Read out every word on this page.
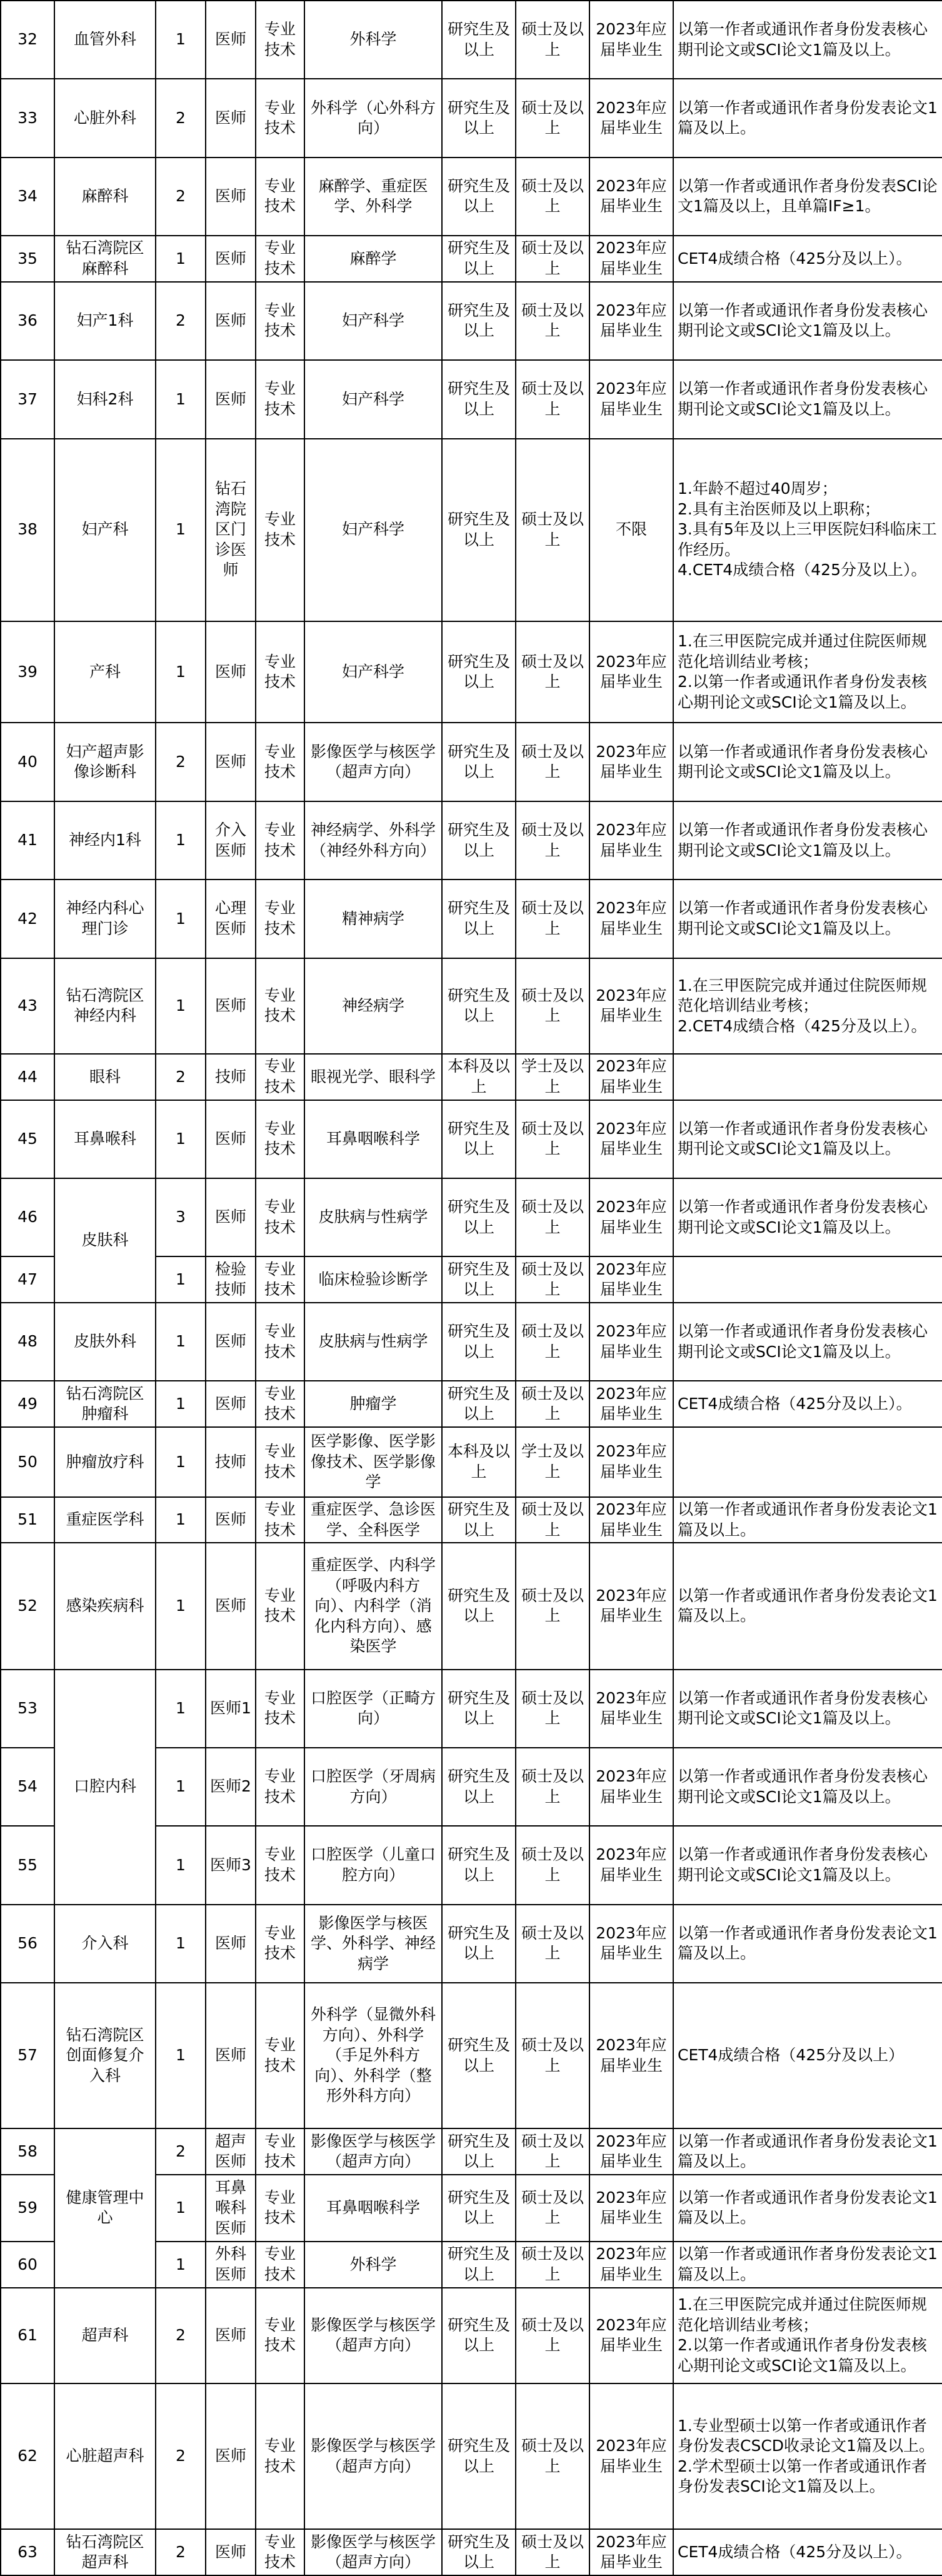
32	血管外科	1	医师	专业技术	外科学	研究生及以上	硕士及以上	2023年应届毕业生	以第一作者或通讯作者身份发表核心期刊论文或SCI论文1篇及以上。
33	心脏外科	2	医师	专业技术	外科学（心外科方向）	研究生及以上	硕士及以上	2023年应届毕业生	以第一作者或通讯作者身份发表论文1篇及以上。
34	麻醉科	2	医师	专业技术	麻醉学、重症医学、外科学	研究生及以上	硕士及以上	2023年应届毕业生	以第一作者或通讯作者身份发表SCI论文1篇及以上，且单篇IF≥1。
35	钻石湾院区麻醉科	1	医师	专业技术	麻醉学	研究生及以上	硕士及以上	2023年应届毕业生	CET4成绩合格（425分及以上）。
36	妇产1科	2	医师	专业技术	妇产科学	研究生及以上	硕士及以上	2023年应届毕业生	以第一作者或通讯作者身份发表核心期刊论文或SCI论文1篇及以上。
37	妇科2科	1	医师	专业技术	妇产科学	研究生及以上	硕士及以上	2023年应届毕业生	以第一作者或通讯作者身份发表核心期刊论文或SCI论文1篇及以上。
38	妇产科	1	钻石湾院区门诊医师	专业技术	妇产科学	研究生及以上	硕士及以上	不限	1.年龄不超过40周岁；
2.具有主治医师及以上职称；
3.具有5年及以上三甲医院妇科临床工作经历。
4.CET4成绩合格（425分及以上）。
39	产科	1	医师	专业技术	妇产科学	研究生及以上	硕士及以上	2023年应届毕业生	1.在三甲医院完成并通过住院医师规范化培训结业考核；
2.以第一作者或通讯作者身份发表核心期刊论文或SCI论文1篇及以上。
40	妇产超声影像诊断科	2	医师	专业技术	影像医学与核医学（超声方向）	研究生及以上	硕士及以上	2023年应届毕业生	以第一作者或通讯作者身份发表核心期刊论文或SCI论文1篇及以上。
41	神经内1科	1	介入医师	专业技术	神经病学、外科学（神经外科方向）	研究生及以上	硕士及以上	2023年应届毕业生	以第一作者或通讯作者身份发表核心期刊论文或SCI论文1篇及以上。
42	神经内科心理门诊	1	心理医师	专业技术	精神病学	研究生及以上	硕士及以上	2023年应届毕业生	以第一作者或通讯作者身份发表核心期刊论文或SCI论文1篇及以上。
43	钻石湾院区神经内科	1	医师	专业技术	神经病学	研究生及以上	硕士及以上	2023年应届毕业生	1.在三甲医院完成并通过住院医师规范化培训结业考核；
2.CET4成绩合格（425分及以上）。
44	眼科	2	技师	专业技术	眼视光学、眼科学	本科及以上	学士及以上	2023年应届毕业生	
45	耳鼻喉科	1	医师	专业技术	耳鼻咽喉科学	研究生及以上	硕士及以上	2023年应届毕业生	以第一作者或通讯作者身份发表核心期刊论文或SCI论文1篇及以上。
46	皮肤科	3	医师	专业技术	皮肤病与性病学	研究生及以上	硕士及以上	2023年应届毕业生	以第一作者或通讯作者身份发表核心期刊论文或SCI论文1篇及以上。
47		1	检验技师	专业技术	临床检验诊断学	研究生及以上	硕士及以上	2023年应届毕业生	
48	皮肤外科	1	医师	专业技术	皮肤病与性病学	研究生及以上	硕士及以上	2023年应届毕业生	以第一作者或通讯作者身份发表核心期刊论文或SCI论文1篇及以上。
49	钻石湾院区肿瘤科	1	医师	专业技术	肿瘤学	研究生及以上	硕士及以上	2023年应届毕业生	CET4成绩合格（425分及以上）。
50	肿瘤放疗科	1	技师	专业技术	医学影像、医学影像技术、医学影像学	本科及以上	学士及以上	2023年应届毕业生	
51	重症医学科	1	医师	专业技术	重症医学、急诊医学、全科医学	研究生及以上	硕士及以上	2023年应届毕业生	以第一作者或通讯作者身份发表论文1篇及以上。
52	感染疾病科	1	医师	专业技术	重症医学、内科学（呼吸内科方向）、内科学（消化内科方向）、感染医学	研究生及以上	硕士及以上	2023年应届毕业生	以第一作者或通讯作者身份发表论文1篇及以上。
53	口腔内科	1	医师1	专业技术	口腔医学（正畸方向）	研究生及以上	硕士及以上	2023年应届毕业生	以第一作者或通讯作者身份发表核心期刊论文或SCI论文1篇及以上。
54		1	医师2	专业技术	口腔医学（牙周病方向）	研究生及以上	硕士及以上	2023年应届毕业生	以第一作者或通讯作者身份发表核心期刊论文或SCI论文1篇及以上。
55		1	医师3	专业技术	口腔医学（儿童口腔方向）	研究生及以上	硕士及以上	2023年应届毕业生	以第一作者或通讯作者身份发表核心期刊论文或SCI论文1篇及以上。
56	介入科	1	医师	专业技术	影像医学与核医学、外科学、神经病学	研究生及以上	硕士及以上	2023年应届毕业生	以第一作者或通讯作者身份发表论文1篇及以上。
57	钻石湾院区创面修复介入科	1	医师	专业技术	外科学（显微外科方向）、外科学（手足外科方向）、外科学（整形外科方向）	研究生及以上	硕士及以上	2023年应届毕业生	CET4成绩合格（425分及以上）
58	健康管理中心	2	超声医师	专业技术	影像医学与核医学（超声方向）	研究生及以上	硕士及以上	2023年应届毕业生	以第一作者或通讯作者身份发表论文1篇及以上。
59		1	耳鼻喉科医师	专业技术	耳鼻咽喉科学	研究生及以上	硕士及以上	2023年应届毕业生	以第一作者或通讯作者身份发表论文1篇及以上。
60		1	外科医师	专业技术	外科学	研究生及以上	硕士及以上	2023年应届毕业生	以第一作者或通讯作者身份发表论文1篇及以上。
61	超声科	2	医师	专业技术	影像医学与核医学（超声方向）	研究生及以上	硕士及以上	2023年应届毕业生	1.在三甲医院完成并通过住院医师规范化培训结业考核；
2.以第一作者或通讯作者身份发表核心期刊论文或SCI论文1篇及以上。
62	心脏超声科	2	医师	专业技术	影像医学与核医学（超声方向）	研究生及以上	硕士及以上	2023年应届毕业生	1.专业型硕士以第一作者或通讯作者身份发表CSCD收录论文1篇及以上。
2.学术型硕士以第一作者或通讯作者身份发表SCI论文1篇及以上。
63	钻石湾院区超声科	2	医师	专业技术	影像医学与核医学（超声方向）	研究生及以上	硕士及以上	2023年应届毕业生	CET4成绩合格（425分及以上）。
